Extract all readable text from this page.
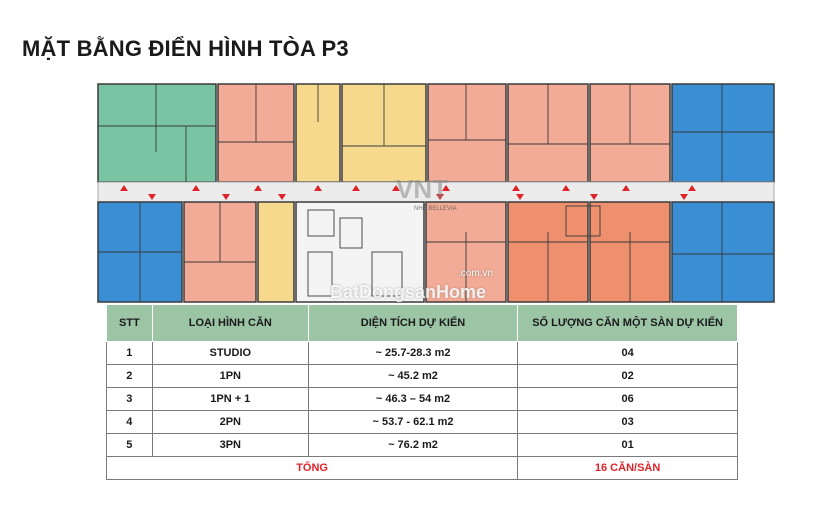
MẶT BẰNG ĐIỂN HÌNH TÒA P3
VNT
NHỆ BELLEVIA
BatDongsanHome
.com.vn
STT	LOẠI HÌNH CĂN	DIỆN TÍCH DỰ KIẾN	SỐ LƯỢNG CĂN MỘT SÀN DỰ KIẾN
1	STUDIO	~ 25.7-28.3 m2	04
2	1PN	~ 45.2 m2	02
3	1PN + 1	~ 46.3 – 54 m2	06
4	2PN	~ 53.7 - 62.1 m2	03
5	3PN	~ 76.2 m2	01
TỔNG			16 CĂN/SÀN
